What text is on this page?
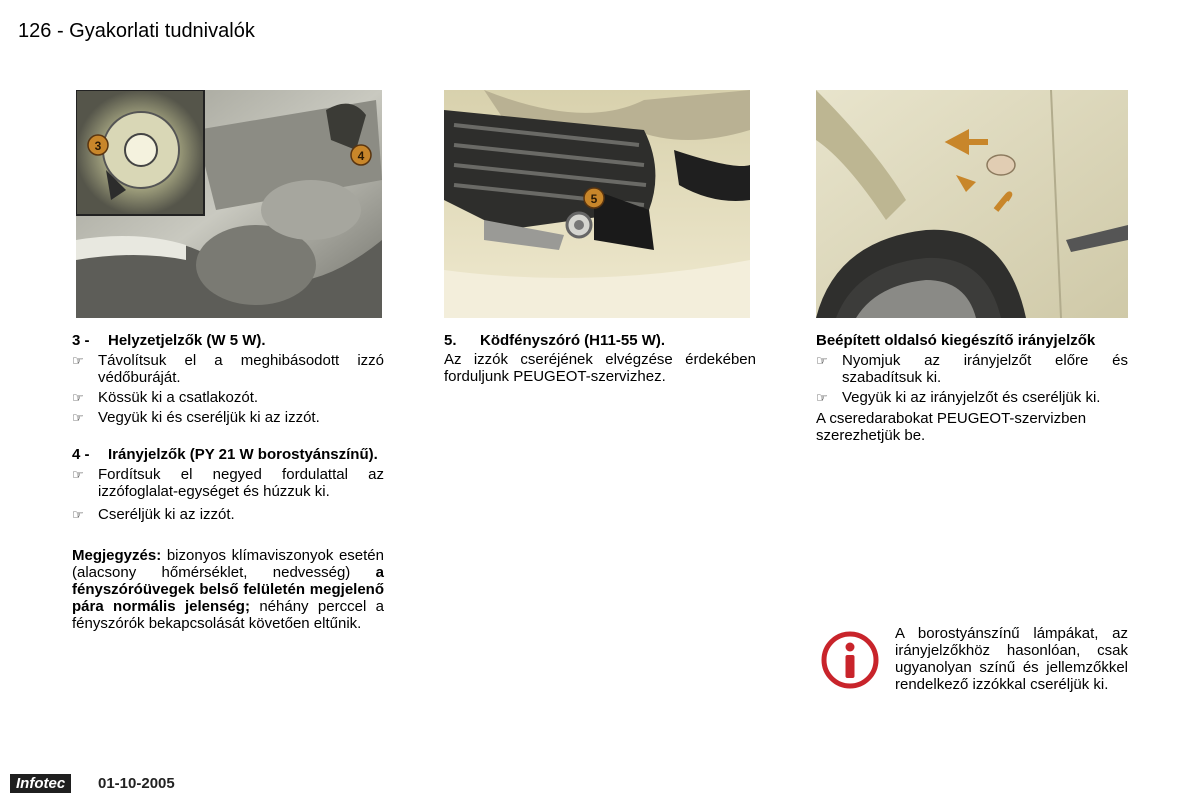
126 - Gyakorlati tudnivalók
3
4
5
3 -	Helyzetjelzők (W 5 W).
☞ Távolítsuk el a meghibásodott izzó védőburáját.
☞ Kössük ki a csatlakozót.
☞ Vegyük ki és cseréljük ki az izzót.
4 -	Irányjelzők (PY 21 W borostyánszínű).
☞ Fordítsuk el negyed fordulattal az izzófoglalat-egységet és húzzuk ki.
☞ Cseréljük ki az izzót.

Megjegyzés: bizonyos klímaviszonyok esetén (alacsony hőmérséklet, nedvesség) a fényszóróüvegek belső felületén megjelenő pára normális jelenség; néhány perccel a fényszórók bekapcsolását követően eltűnik.

5.	Ködfényszóró (H11-55 W).

Az izzók cseréjének elvégzése érdekében forduljunk PEUGEOT-szervizhez.

Beépített oldalsó kiegészítő irányjelzők
☞ Nyomjuk az irányjelzőt előre és szabadítsuk ki.
☞ Vegyük ki az irányjelzőt és cseréljük ki.

A cseredarabokat PEUGEOT-szervizben szerezhetjük be.

A borostyánszínű lámpákat, az irányjelzőkhöz hasonlóan, csak ugyanolyan színű és jellemzőkkel rendelkező izzókkal cseréljük ki.

Infotec	01-10-2005
